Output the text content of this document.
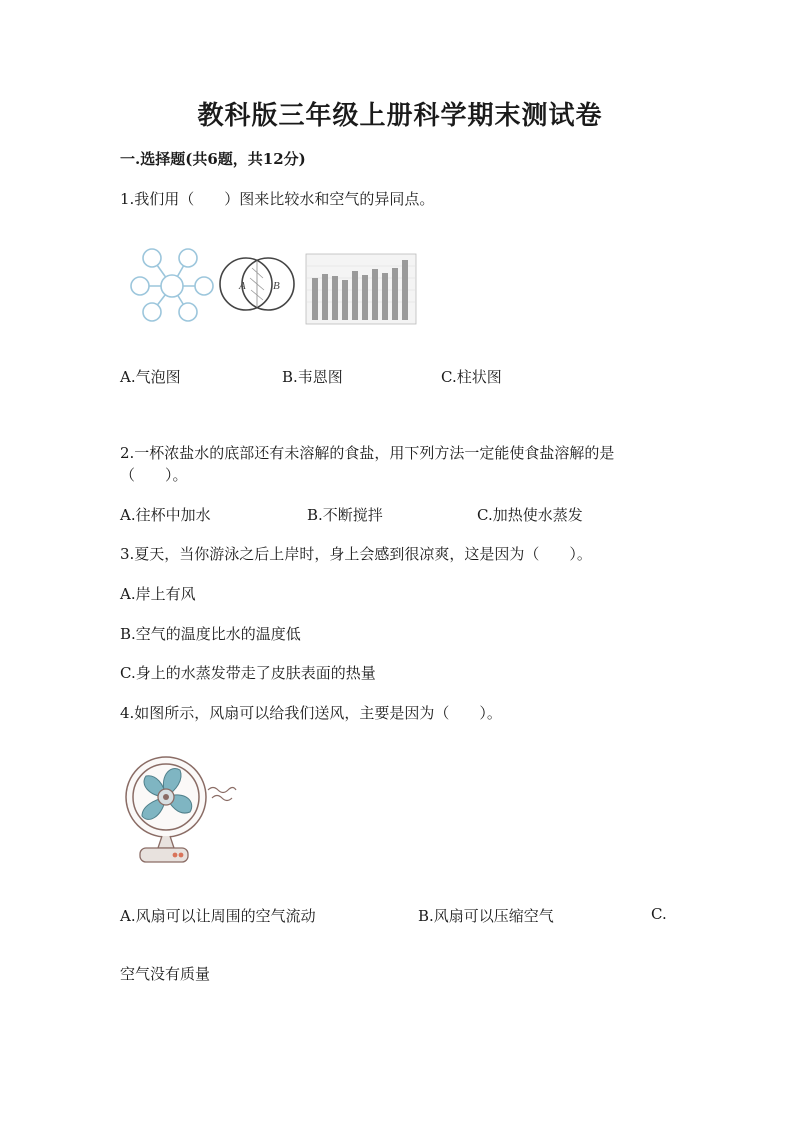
教科版三年级上册科学期末测试卷
一.选择题(共6题，共12分)
1.我们用（　　）图来比较水和空气的异同点。
A B
A.气泡图	B.韦恩图	C.柱状图
2.一杯浓盐水的底部还有未溶解的食盐，用下列方法一定能使食盐溶解的是
（　　）。
A.往杯中加水	B.不断搅拌	C.加热使水蒸发
3.夏天，当你游泳之后上岸时，身上会感到很凉爽，这是因为（　　）。
A.岸上有风
B.空气的温度比水的温度低
C.身上的水蒸发带走了皮肤表面的热量
4.如图所示，风扇可以给我们送风，主要是因为（　　）。
A.风扇可以让周围的空气流动	B.风扇可以压缩空气	C.
空气没有质量
